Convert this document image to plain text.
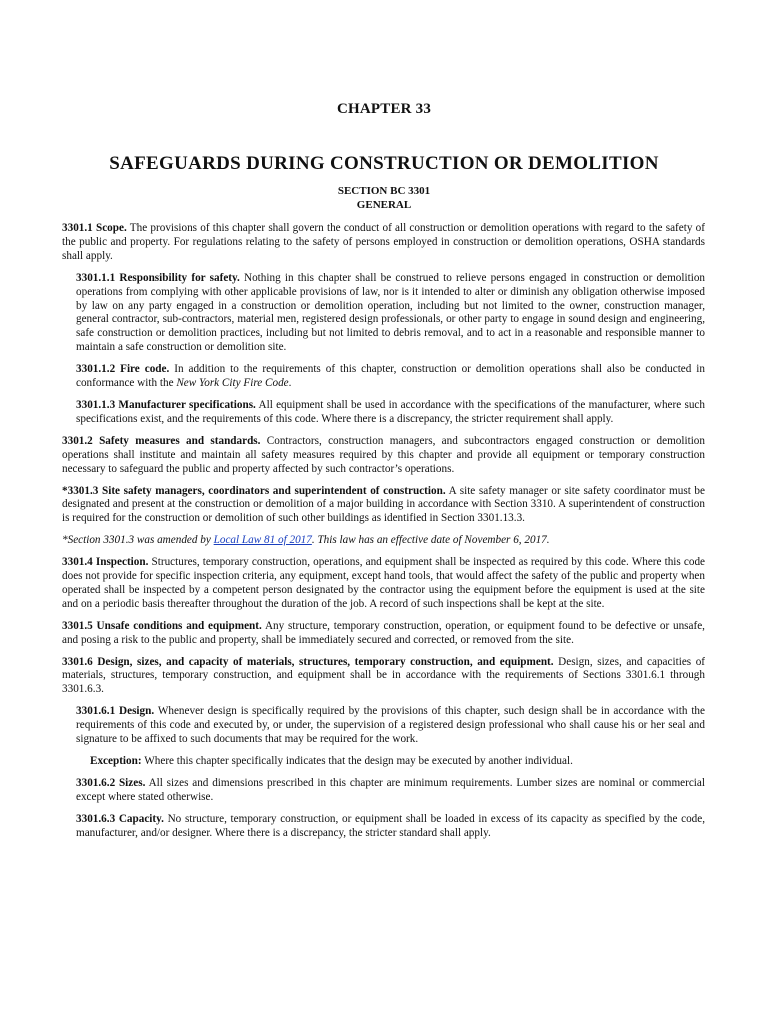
CHAPTER 33
SAFEGUARDS DURING CONSTRUCTION OR DEMOLITION
SECTION BC 3301
GENERAL

3301.1 Scope. The provisions of this chapter shall govern the conduct of all construction or demolition operations with regard to the safety of the public and property. For regulations relating to the safety of persons employed in construction or demolition operations, OSHA standards shall apply.

3301.1.1 Responsibility for safety. Nothing in this chapter shall be construed to relieve persons engaged in construction or demolition operations from complying with other applicable provisions of law, nor is it intended to alter or diminish any obligation otherwise imposed by law on any party engaged in a construction or demolition operation, including but not limited to the owner, construction manager, general contractor, sub-contractors, material men, registered design professionals, or other party to engage in sound design and engineering, safe construction or demolition practices, including but not limited to debris removal, and to act in a reasonable and responsible manner to maintain a safe construction or demolition site.

3301.1.2 Fire code. In addition to the requirements of this chapter, construction or demolition operations shall also be conducted in conformance with the New York City Fire Code.

3301.1.3 Manufacturer specifications. All equipment shall be used in accordance with the specifications of the manufacturer, where such specifications exist, and the requirements of this code. Where there is a discrepancy, the stricter requirement shall apply.

3301.2 Safety measures and standards. Contractors, construction managers, and subcontractors engaged construction or demolition operations shall institute and maintain all safety measures required by this chapter and provide all equipment or temporary construction necessary to safeguard the public and property affected by such contractor’s operations.

*3301.3 Site safety managers, coordinators and superintendent of construction. A site safety manager or site safety coordinator must be designated and present at the construction or demolition of a major building in accordance with Section 3310. A superintendent of construction is required for the construction or demolition of such other buildings as identified in Section 3301.13.3.

*Section 3301.3 was amended by Local Law 81 of 2017. This law has an effective date of November 6, 2017.

3301.4 Inspection. Structures, temporary construction, operations, and equipment shall be inspected as required by this code. Where this code does not provide for specific inspection criteria, any equipment, except hand tools, that would affect the safety of the public and property when operated shall be inspected by a competent person designated by the contractor using the equipment before the equipment is used at the site and on a periodic basis thereafter throughout the duration of the job. A record of such inspections shall be kept at the site.

3301.5 Unsafe conditions and equipment. Any structure, temporary construction, operation, or equipment found to be defective or unsafe, and posing a risk to the public and property, shall be immediately secured and corrected, or removed from the site.

3301.6 Design, sizes, and capacity of materials, structures, temporary construction, and equipment. Design, sizes, and capacities of materials, structures, temporary construction, and equipment shall be in accordance with the requirements of Sections 3301.6.1 through 3301.6.3.

3301.6.1 Design. Whenever design is specifically required by the provisions of this chapter, such design shall be in accordance with the requirements of this code and executed by, or under, the supervision of a registered design professional who shall cause his or her seal and signature to be affixed to such documents that may be required for the work.

Exception: Where this chapter specifically indicates that the design may be executed by another individual.

3301.6.2 Sizes. All sizes and dimensions prescribed in this chapter are minimum requirements. Lumber sizes are nominal or commercial except where stated otherwise.

3301.6.3 Capacity. No structure, temporary construction, or equipment shall be loaded in excess of its capacity as specified by the code, manufacturer, and/or designer. Where there is a discrepancy, the stricter standard shall apply.
